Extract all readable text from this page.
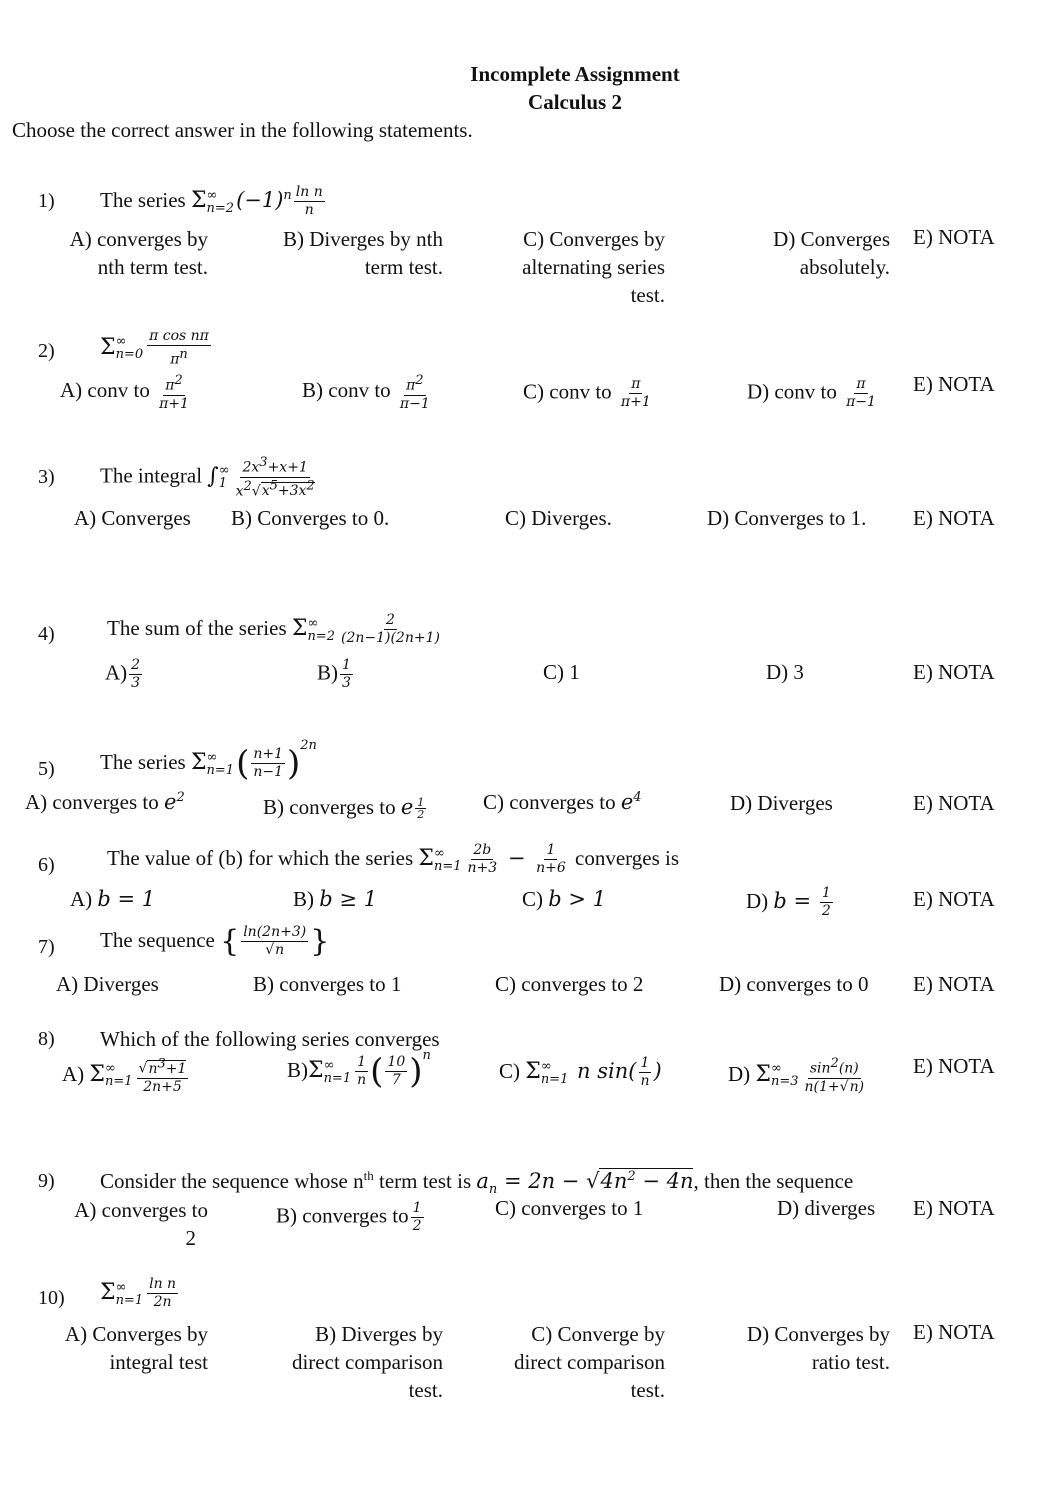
Incomplete Assignment
Calculus 2
Choose the correct answer in the following statements.
1) The series Σ ∞
n=2 $(-1)^n \frac{\text{ln n}}{n}$
A) converges by
nth term test.
B) Diverges by nth
term test.
C) Converges by
alternating series
test.
D) Converges
absolutely.
E) NOTA
2) Σ ∞
$n=0 \frac{\text{π cos nπ}}{\pi^n}$
A) conv to $\frac{\pi^2}{\pi+1}$	B) conv to $\frac{\pi^2}{\pi-1}$	C) conv to $\frac{\pi}{\pi+1}$	D) conv to $\frac{\pi}{\pi-1} E$) NOTA
3) The integral ∫ ∞
$1 \frac{2x^3+x+1}{x^2√x^5+3x^2}$
A) Converges B) Converges to 0.	C) Diverges.	D) Converges to 1. E) NOTA
4) The sum of the series Σ ∞
$n=2 \frac{2}{(2n-1)(2n+1)}$
$A) \frac{2}{3}$	$B) \frac{1}{3}$	C) 1	D) 3	E) NOTA
5) The series Σ ∞
n=1 ( $\frac{n+1}{n-1} )^{2n}$
A) converges to $e^2$	B) converges to e $\frac{1}{2}$	C) converges to $e^4$	D) Diverges	E) NOTA
6) The value of (b) for which the series Σ ∞
$n=1 \frac{2b}{n+3} - \frac{1}{n+6}$ converges is
A) b = 1	B) b ≥ 1	C) b > 1	D) $b = \frac{1}{2}$	E) NOTA
7) The sequence { $\frac{\ln(2n+3)}{√n}$ }
A) Diverges	B) converges to 1	C) converges to 2	D) converges to 0 E) NOTA
8) Which of the following series converges
A) Σ ∞
$n=1 \frac{√n^3+1}{2n+5}$	B)Σ ∞
$n=1 \frac{1}{n}$ ( $\frac{10}{7} )^n$
C) Σ ∞
n=1 n $\sin( \frac{1}{n}$ )	D) Σ ∞
$n=3 \frac{\sin^2(n)}{n(1+√n)} E$) NOTA
9) Consider the sequence whose $n^{th}$ term test is $a_n = 2n - √4n^2 - 4n$, then the sequence
A) converges to
2
B) converges to $\frac{1}{2}$	C) converges to 1	D) diverges E) NOTA
10) Σ ∞
$n=1 \frac{\text{ln n}}{2n}$
A) Converges by
integral test
B) Diverges by
direct comparison
test.
C) Converge by
direct comparison
test.
D) Converges by
ratio test.
E) NOTA
